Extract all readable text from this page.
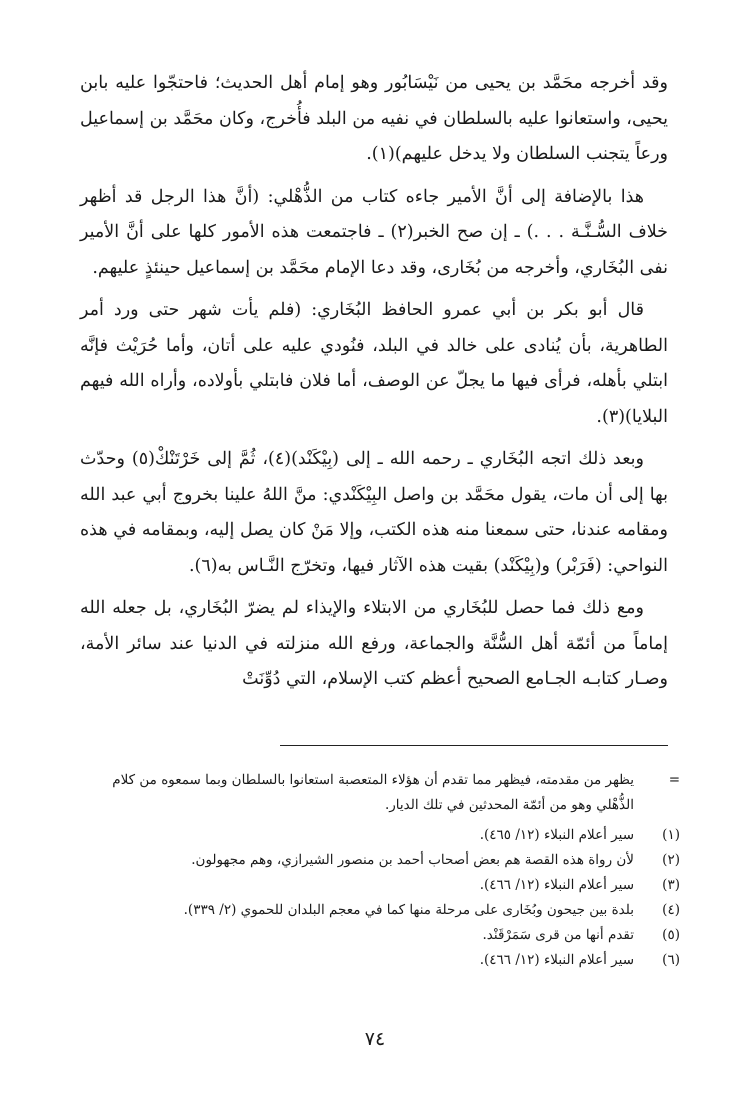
وقد أخرجه محَمَّد بن يحيى من نَيْسَابُور وهو إمام أهل الحديث؛ فاحتجّوا عليه بابن يحيى، واستعانوا عليه بالسلطان في نفيه من البلد فأُخرج، وكان محَمَّد بن إسماعيل ورعاً يتجنب السلطان ولا يدخل عليهم)(١).

هذا بالإضافة إلى أنَّ الأمير جاءه كتاب من الذُّهْلي: (أنَّ هذا الرجل قد أظهر خلاف السُّـنَّـة . . .) ـ إن صح الخبر(٢) ـ فاجتمعت هذه الأمور كلها على أنَّ الأمير نفى البُخَاري، وأخرجه من بُخَارى، وقد دعا الإمام محَمَّد بن إسماعيل حينئذٍ عليهم.

قال أبو بكر بن أبي عمرو الحافظ البُخَاري: (فلم يأت شهر حتى ورد أمر الطاهرية، بأن يُنادى على خالد في البلد، فنُودي عليه على أتان، وأما حُرَيْث فإنَّه ابتلي بأهله، فرأى فيها ما يجلّ عن الوصف، أما فلان فابتلي بأولاده، وأراه الله فيهم البلايا)(٣).

وبعد ذلك اتجه البُخَاري ـ رحمه الله ـ إلى (بِيْكَنْد)(٤)، ثُمَّ إلى خَرْتَنْكْ(٥) وحدّث بها إلى أن مات، يقول محَمَّد بن واصل البِيْكَنْدي: منَّ اللهُ علينا بخروج أبي عبد الله ومقامه عندنا، حتى سمعنا منه هذه الكتب، وإلا مَنْ كان يصل إليه، وبمقامه في هذه النواحي: (فَرَبْر) و(بِيْكَنْد) بقيت هذه الآثار فيها، وتخرّج النَّـاس به(٦).

ومع ذلك فما حصل للبُخَاري من الابتلاء والإيذاء لم يضرّ البُخَاري، بل جعله الله إماماً من أئمّة أهل السُّنَّة والجماعة، ورفع الله منزلته في الدنيا عند سائر الأمة، وصـار كتابـه الجـامع الصحيح أعظم كتب الإسلام، التي دُوِّنَتْ

=
يظهر من مقدمته، فيظهر مما تقدم أن هؤلاء المتعصبة استعانوا بالسلطان وبما سمعوه من كلام الذُّهْلي وهو من أئمّة المحدثين في تلك الديار.
(١)
سير أعلام النبلاء (١٢/ ٤٦٥).
(٢)
لأن رواة هذه القصة هم بعض أصحاب أحمد بن منصور الشيرازي، وهم مجهولون.
(٣)
سير أعلام النبلاء (١٢/ ٤٦٦).
(٤)
بلدة بين جيحون وبُخَارى على مرحلة منها كما في معجم البلدان للحموي (٢/ ٣٣٩).
(٥)
تقدم أنها من قرى سَمَرْقَنْد.
(٦)
سير أعلام النبلاء (١٢/ ٤٦٦).
٧٤
